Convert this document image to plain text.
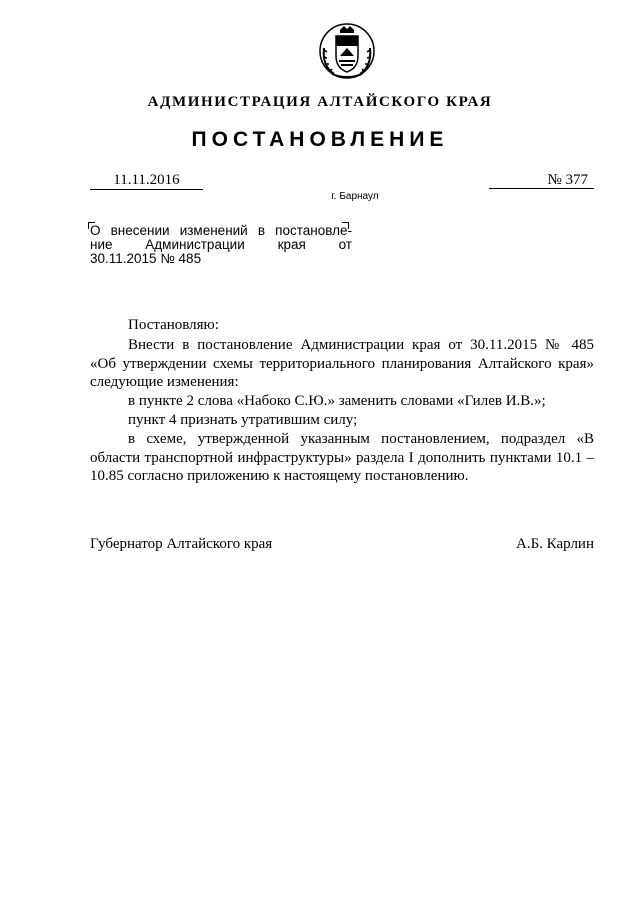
АДМИНИСТРАЦИЯ АЛТАЙСКОГО КРАЯ
ПОСТАНОВЛЕНИЕ
11.11.2016	№ 377
г. Барнаул
О внесении изменений в постановле-
ние Администрации края от
30.11.2015 № 485

Постановляю:

Внести в постановление Администрации края от 30.11.2015 № 485

«Об утверждении схемы территориального планирования Алтайского края» следующие изменения:

в пункте 2 слова «Набоко С.Ю.» заменить словами «Гилев И.В.»;

пункт 4 признать утратившим силу;

в схеме, утвержденной указанным постановлением, подраздел «В области транспортной инфраструктуры» раздела I дополнить пунктами 10.1 – 10.85 согласно приложению к настоящему постановлению.

Губернатор Алтайского края	А.Б. Карлин
